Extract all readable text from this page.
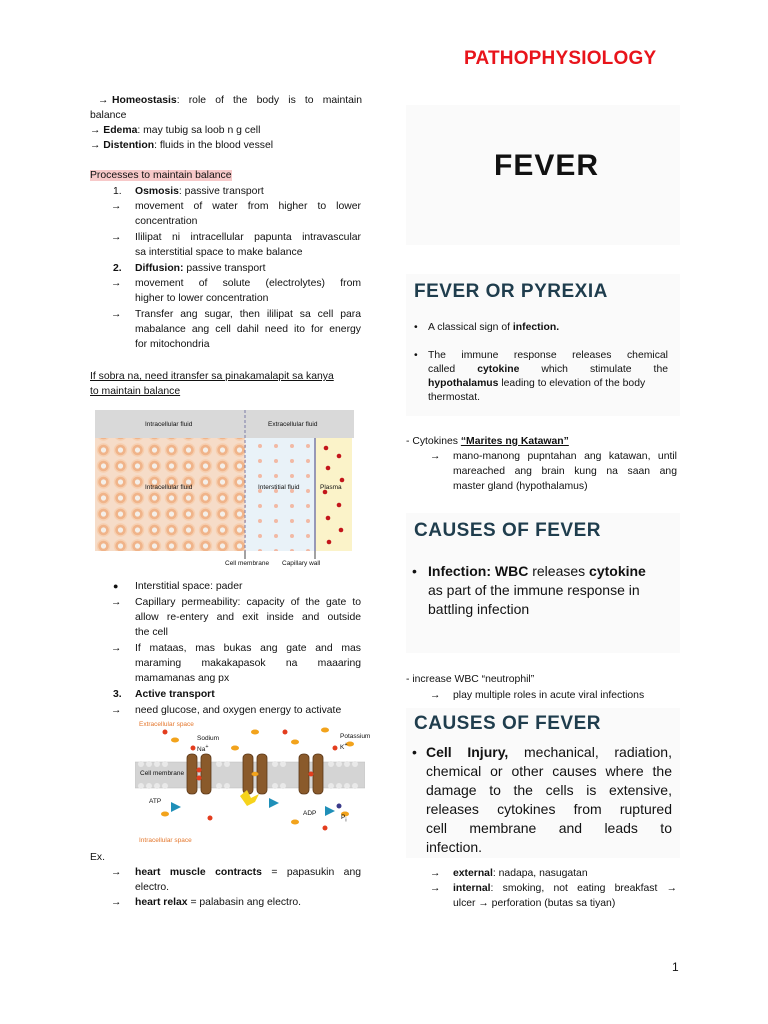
PATHOPHYSIOLOGY
→ Homeostasis: role of the body is to maintain
balance
→ Edema: may tubig sa loob n g cell
→ Distention: fluids in the blood vessel
Processes to maintain balance
1. Osmosis: passive transport
→ movement of water from higher to lower
concentration
→ Ililipat ni intracellular papunta intravascular
sa interstitial space to make balance
2. Diffusion: passive transport
→ movement of solute (electrolytes) from
higher to lower concentration
→ Transfer ang sugar, then ililipat sa cell para
mabalance ang cell dahil need ito for energy
for mitochondria
If sobra na, need itransfer sa pinakamalapit sa kanya
to maintain balance
Intracellular fluid	Extracellular fluid
Intracellular fluid	Interstitial fluid	Plasma
Cell membrane Capillary wall
● Interstitial space: pader
→ Capillary permeability: capacity of the gate to
allow re-entery and exit inside and outside
the cell
→ If mataas, mas bukas ang gate and mas
maraming makakapasok na maaaring
mamamanas ang px
3. Active transport
→ need glucose, and oxygen energy to activate
Extracellular space
Sodium
Na+
Potassium
K+
Cell membrane
ATP
ADP
$P_i$
Intracellular space
Ex.
→ heart muscle contracts = papasukin ang
electro.
→ heart relax = palabasin ang electro.
FEVER
FEVER OR PYREXIA
• A classical sign of infection.
• The immune response releases chemical
called cytokine which stimulate the
hypothalamus leading to elevation of the body
thermostat.
- Cytokines “Marites ng Katawan”
→ mano-manong pupntahan ang katawan, until
mareached ang brain kung na saan ang
master gland (hypothalamus)
CAUSES OF FEVER
• Infection: WBC releases cytokine
as part of the immune response in
battling infection
- increase WBC “neutrophil”
→ play multiple roles in acute viral infections
CAUSES OF FEVER
• Cell Injury, mechanical, radiation,
chemical or other causes where the
damage to the cells is extensive,
releases cytokines from ruptured
cell membrane and leads to
infection.
→ external: nadapa, nasugatan
→ internal: smoking, not eating breakfast →
ulcer → perforation (butas sa tiyan)
1
